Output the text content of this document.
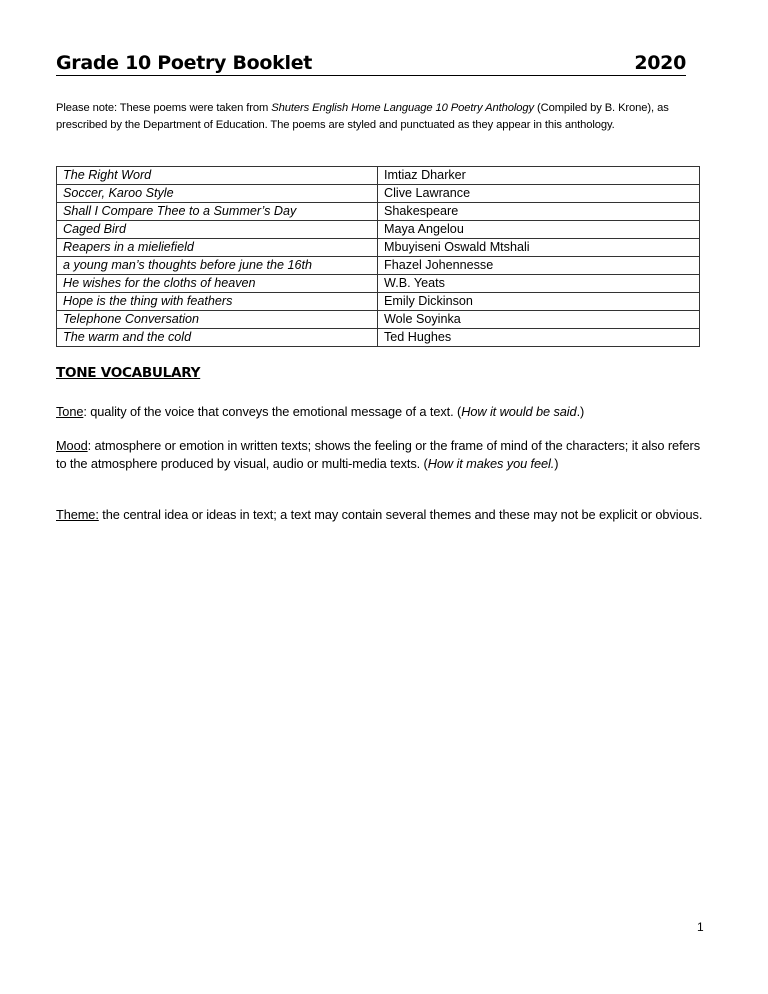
Grade 10 Poetry Booklet	2020
Please note: These poems were taken from Shuters English Home Language 10 Poetry Anthology (Compiled by B. Krone), as prescribed by the Department of Education. The poems are styled and punctuated as they appear in this anthology.
The Right Word	Imtiaz Dharker
Soccer, Karoo Style	Clive Lawrance
Shall I Compare Thee to a Summer’s Day	Shakespeare
Caged Bird	Maya Angelou
Reapers in a mieliefield	Mbuyiseni Oswald Mtshali
a young man’s thoughts before june the 16th	Fhazel Johennesse
He wishes for the cloths of heaven	W.B. Yeats
Hope is the thing with feathers	Emily Dickinson
Telephone Conversation	Wole Soyinka
The warm and the cold	Ted Hughes
TONE VOCABULARY
Tone: quality of the voice that conveys the emotional message of a text. (How it would be said.)
Mood: atmosphere or emotion in written texts; shows the feeling or the frame of mind of the characters; it also refers to the atmosphere produced by visual, audio or multi-media texts. (How it makes you feel.)
Theme: the central idea or ideas in text; a text may contain several themes and these may not be explicit or obvious.
1
